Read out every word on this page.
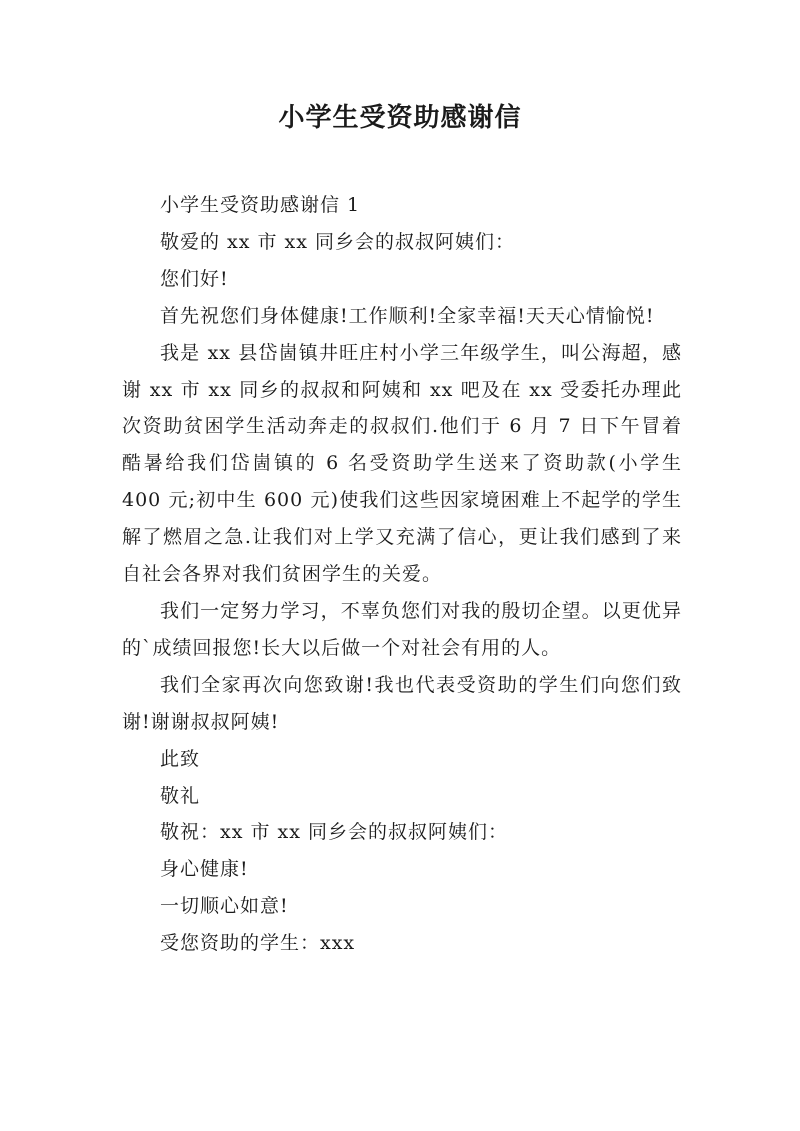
小学生受资助感谢信

小学生受资助感谢信 1

敬爱的 xx 市 xx 同乡会的叔叔阿姨们：

您们好!

首先祝您们身体健康!工作顺利!全家幸福!天天心情愉悦!

我是 xx 县岱崮镇井旺庄村小学三年级学生，叫公海超，感谢 xx 市 xx 同乡的叔叔和阿姨和 xx 吧及在 xx 受委托办理此次资助贫困学生活动奔走的叔叔们.他们于 6 月 7 日下午冒着酷暑给我们岱崮镇的 6 名受资助学生送来了资助款(小学生 400 元;初中生 600 元)使我们这些因家境困难上不起学的学生解了燃眉之急.让我们对上学又充满了信心，更让我们感到了来自社会各界对我们贫困学生的关爱。

我们一定努力学习，不辜负您们对我的殷切企望。以更优异的`成绩回报您!长大以后做一个对社会有用的人。

我们全家再次向您致谢!我也代表受资助的学生们向您们致谢!谢谢叔叔阿姨!

此致

敬礼

敬祝：xx 市 xx 同乡会的叔叔阿姨们：

身心健康!

一切顺心如意!

受您资助的学生：xxx
